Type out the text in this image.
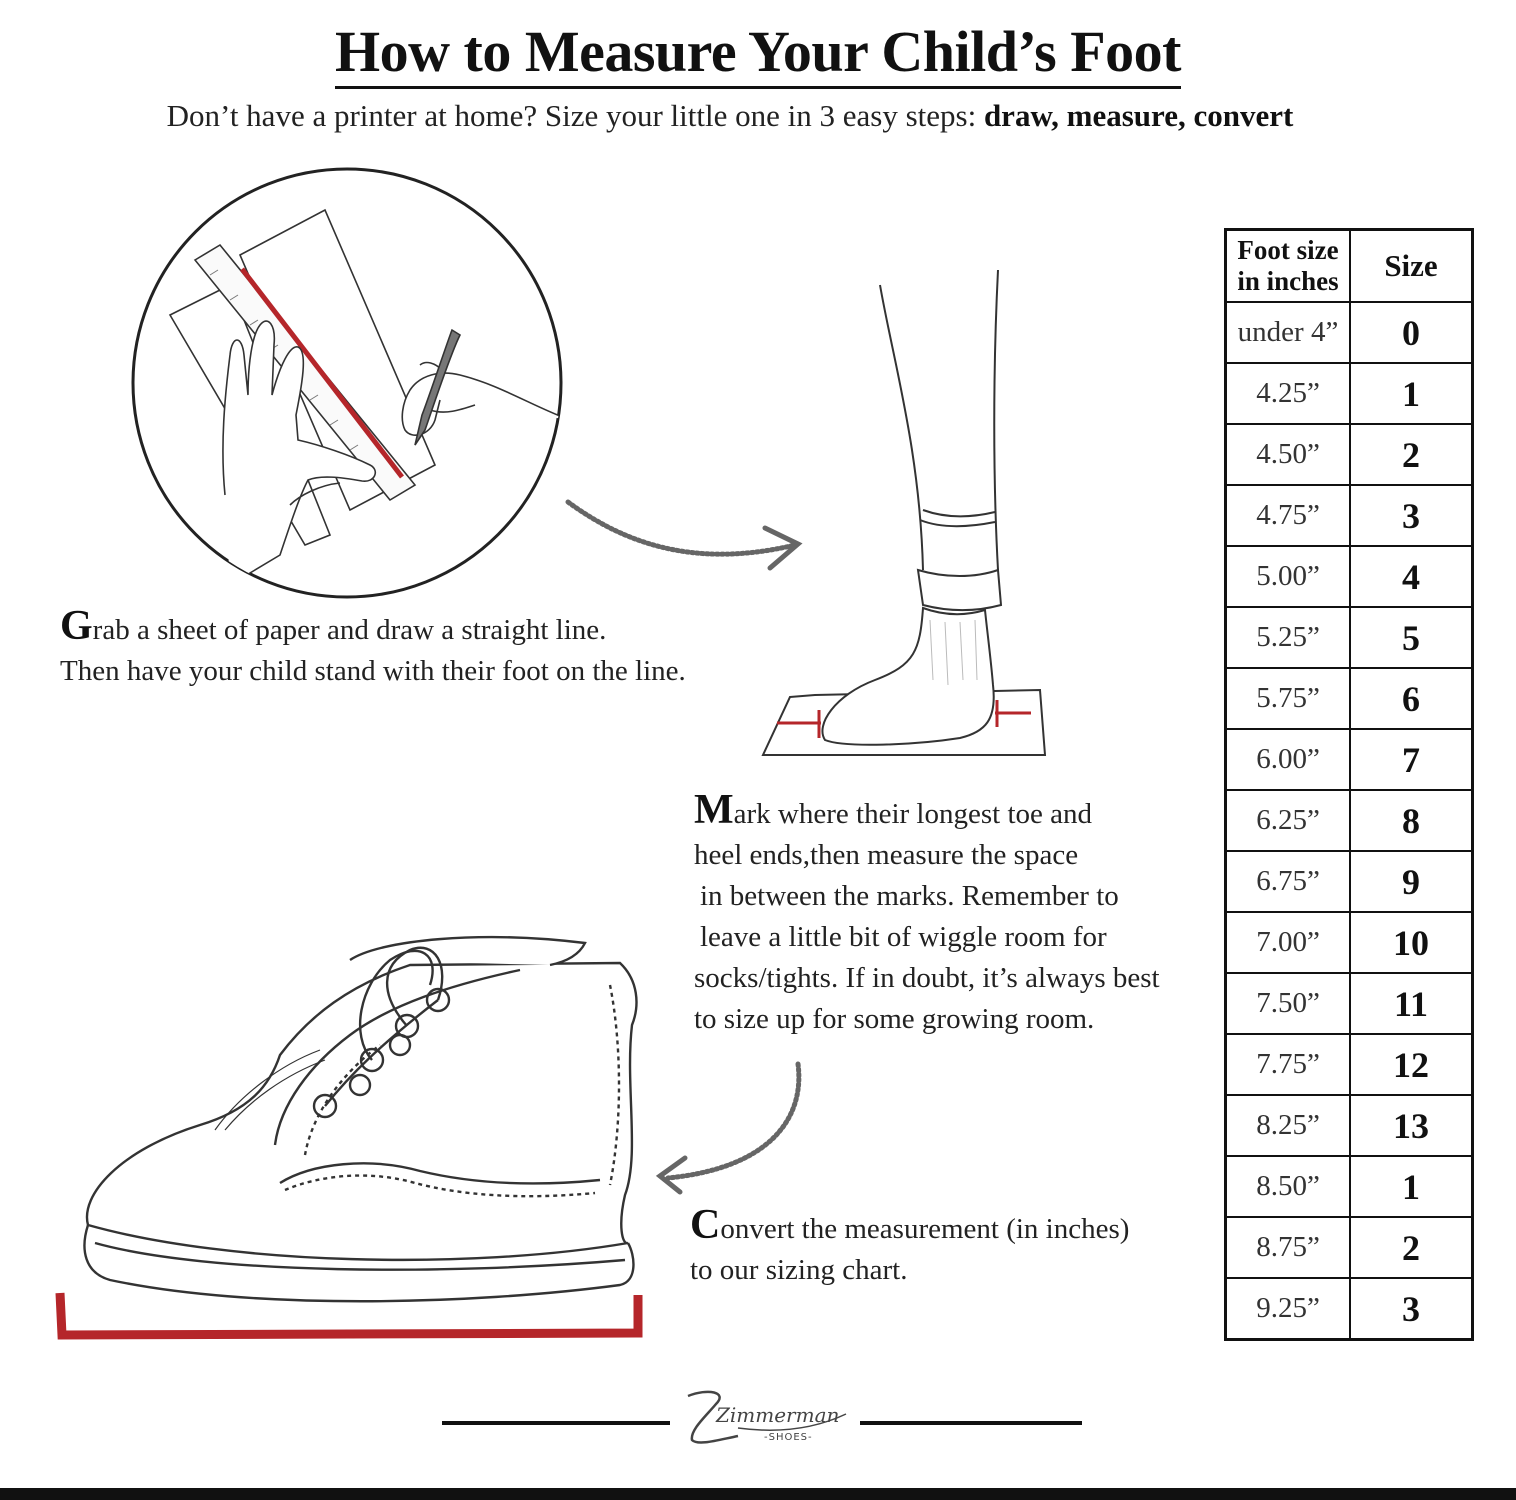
How to Measure Your Child’s Foot
Don’t have a printer at home? Size your little one in 3 easy steps: draw, measure, convert
Grab a sheet of paper and draw a straight line.
Then have your child stand with their foot on the line.
Mark where their longest toe and
heel ends,then measure the space

in between the marks. Remember to
leave a little bit of wiggle room for
socks/tights. If in doubt, it’s always best
to size up for some growing room.
Convert the measurement (in inches)
to our sizing chart.
Foot size
in inches	Size
under 4”	0
4.25”	1
4.50”	2
4.75”	3
5.00”	4
5.25”	5
5.75”	6
6.00”	7
6.25”	8
6.75”	9
7.00”	10
7.50”	11
7.75”	12
8.25”	13
8.50”	1
8.75”	2
9.25”	3
Zimmerman
-SHOES-
